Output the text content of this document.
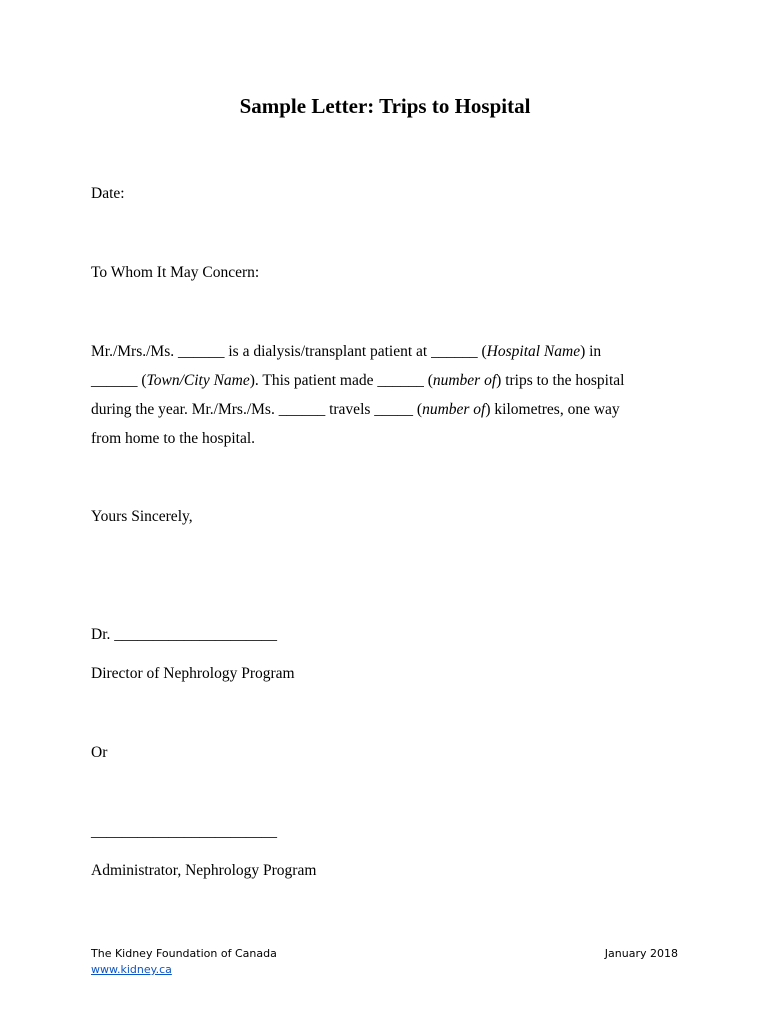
Sample Letter: Trips to Hospital
Date:
To Whom It May Concern:
Mr./Mrs./Ms. ______ is a dialysis/transplant patient at ______ (Hospital Name) in
______ (Town/City Name). This patient made ______ (number of) trips to the hospital
during the year. Mr./Mrs./Ms. ______ travels _____ (number of) kilometres, one way
from home to the hospital.
Yours Sincerely,
Dr. _____________________
Director of Nephrology Program
Or
________________________
Administrator, Nephrology Program
The Kidney Foundation of Canada
www.kidney.ca
January 2018
